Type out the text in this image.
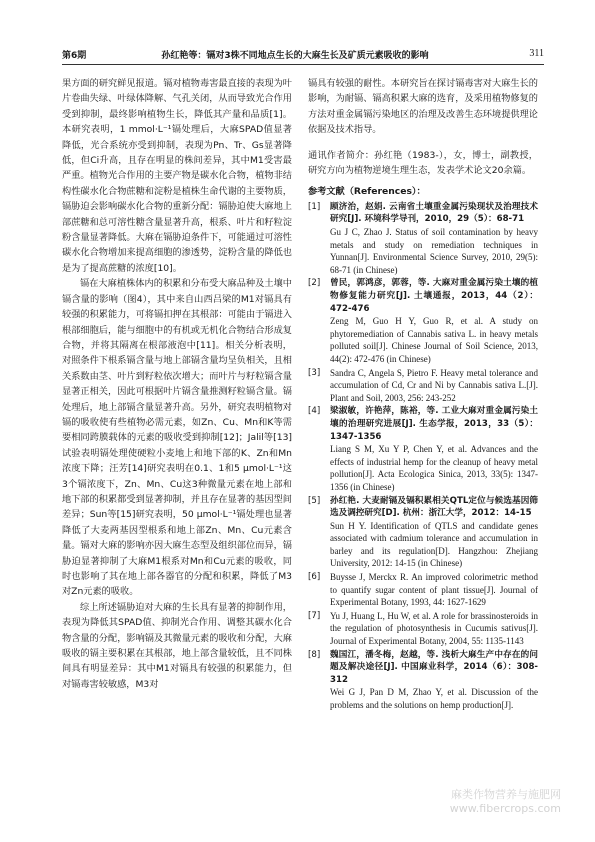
第6期	孙红艳等：镉对3株不同地点生长的大麻生长及矿质元素吸收的影响	311

果方面的研究鲜见报道。镉对植物毒害最直接的表现为叶片卷曲失绿、叶绿体降解、气孔关闭，从而导致光合作用受到抑制，最终影响植物生长，降低其产量和品质[1]。本研究表明，1 mmol·L⁻¹镉处理后，大麻SPAD值显著降低，光合系统亦受到抑制，表现为Pn、Tr、Gs显著降低，但Ci升高，且存在明显的株间差异，其中M1受害最严重。植物光合作用的主要产物是碳水化合物，植物非结构性碳水化合物蔗糖和淀粉是植株生命代谢的主要物质，镉胁迫会影响碳水化合物的重新分配：镉胁迫使大麻地上部蔗糖和总可溶性糖含量显著升高，根系、叶片和籽粒淀粉含量显著降低。大麻在镉胁迫条件下，可能通过可溶性碳水化合物增加来提高细胞的渗透势，淀粉含量的降低也是为了提高蔗糖的浓度[10]。

镉在大麻植株体内的积累和分布受大麻品种及土壤中镉含量的影响（图4），其中来自山西吕梁的M1对镉具有较强的积累能力，可将镉扣押在其根部：可能由于镉进入根部细胞后，能与细胞中的有机或无机化合物结合形成复合物，并将其隔离在根部液泡中[11]。相关分析表明，对照条件下根系镉含量与地上部镉含量均呈负相关，且相关系数由茎、叶片到籽粒依次增大；而叶片与籽粒镉含量显著正相关，因此可根据叶片镉含量推测籽粒镉含量。镉处理后，地上部镉含量显著升高。另外，研究表明植物对镉的吸收使有些植物必需元素，如Zn、Cu、Mn和K等需要相同跨膜载体的元素的吸收受到抑制[12]；Jalil等[13]试验表明镉处理使硬粒小麦地上和地下部的K、Zn和Mn浓度下降；汪芳[14]研究表明在0.1、1和5 μmol·L⁻¹这3个镉浓度下，Zn、Mn、Cu这3种微量元素在地上部和地下部的积累都受到显著抑制，并且存在显著的基因型间差异；Sun等[15]研究表明，50 μmol·L⁻¹镉处理也显著降低了大麦两基因型根系和地上部Zn、Mn、Cu元素含量。镉对大麻的影响亦因大麻生态型及组织部位而异，镉胁迫显著抑制了大麻M1根系对Mn和Cu元素的吸收，同时也影响了其在地上部各器官的分配和积累，降低了M3对Zn元素的吸收。

综上所述镉胁迫对大麻的生长具有显著的抑制作用，表现为降低其SPAD值、抑制光合作用、调整其碳水化合物含量的分配，影响镉及其微量元素的吸收和分配，大麻吸收的镉主要积累在其根部，地上部含量较低，且不同株间具有明显差异：其中M1对镉具有较强的积累能力，但对镉毒害较敏感，M3对

镉具有较强的耐性。本研究旨在探讨镉毒害对大麻生长的影响，为耐镉、镉高积累大麻的选育，及采用植物修复的方法对重金属镉污染地区的治理及改善生态环境提供理论依据及技术指导。

通讯作者简介：孙红艳（1983-），女，博士，副教授，研究方向为植物逆境生理生态，发表学术论文20余篇。

参考文献（References）：
[1] 顾济治，赵娟. 云南省土壤重金属污染现状及治理技术研究[J]. 环境科学导刊，2010，29（5）：68-71
Gu J C, Zhao J. Status of soil contamination by heavy metals and study on remediation techniques in Yunnan[J]. Environmental Science Survey, 2010, 29(5): 68-71 (in Chinese)
[2] 曾民，郭鸿彦，郭蓉，等. 大麻对重金属污染土壤的植物修复能力研究[J]. 土壤通报，2013，44（2）：472-476
Zeng M, Guo H Y, Guo R, et al. A study on phytoremediation of Cannabis sativa L. in heavy metals polluted soil[J]. Chinese Journal of Soil Science, 2013, 44(2): 472-476 (in Chinese)
[3] Sandra C, Angela S, Pietro F. Heavy metal tolerance and accumulation of Cd, Cr and Ni by Cannabis sativa L.[J]. Plant and Soil, 2003, 256: 243-252
[4] 梁淑敏，许艳萍，陈裕，等. 工业大麻对重金属污染土壤的治理研究进展[J]. 生态学报，2013，33（5）：1347-1356
Liang S M, Xu Y P, Chen Y, et al. Advances and the effects of industrial hemp for the cleanup of heavy metal pollution[J]. Acta Ecologica Sinica, 2013, 33(5): 1347-1356 (in Chinese)
[5] 孙红艳. 大麦耐镉及镉积累相关QTL定位与候选基因筛选及调控研究[D]. 杭州：浙江大学，2012：14-15
Sun H Y. Identification of QTLS and candidate genes associated with cadmium tolerance and accumulation in barley and its regulation[D]. Hangzhou: Zhejiang University, 2012: 14-15 (in Chinese)
[6] Buysse J, Merckx R. An improved colorimetric method to quantify sugar content of plant tissue[J]. Journal of Experimental Botany, 1993, 44: 1627-1629
[7] Yu J, Huang L, Hu W, et al. A role for brassinosteroids in the regulation of photosynthesis in Cucumis sativus[J]. Journal of Experimental Botany, 2004, 55: 1135-1143
[8] 魏国江，潘冬梅，赵越，等. 浅析大麻生产中存在的问题及解决途径[J]. 中国麻业科学，2014（6）：308-312
Wei G J, Pan D M, Zhao Y, et al. Discussion of the problems and the solutions on hemp production[J].
麻类作物营养与施肥网
www.fibercrops.com
